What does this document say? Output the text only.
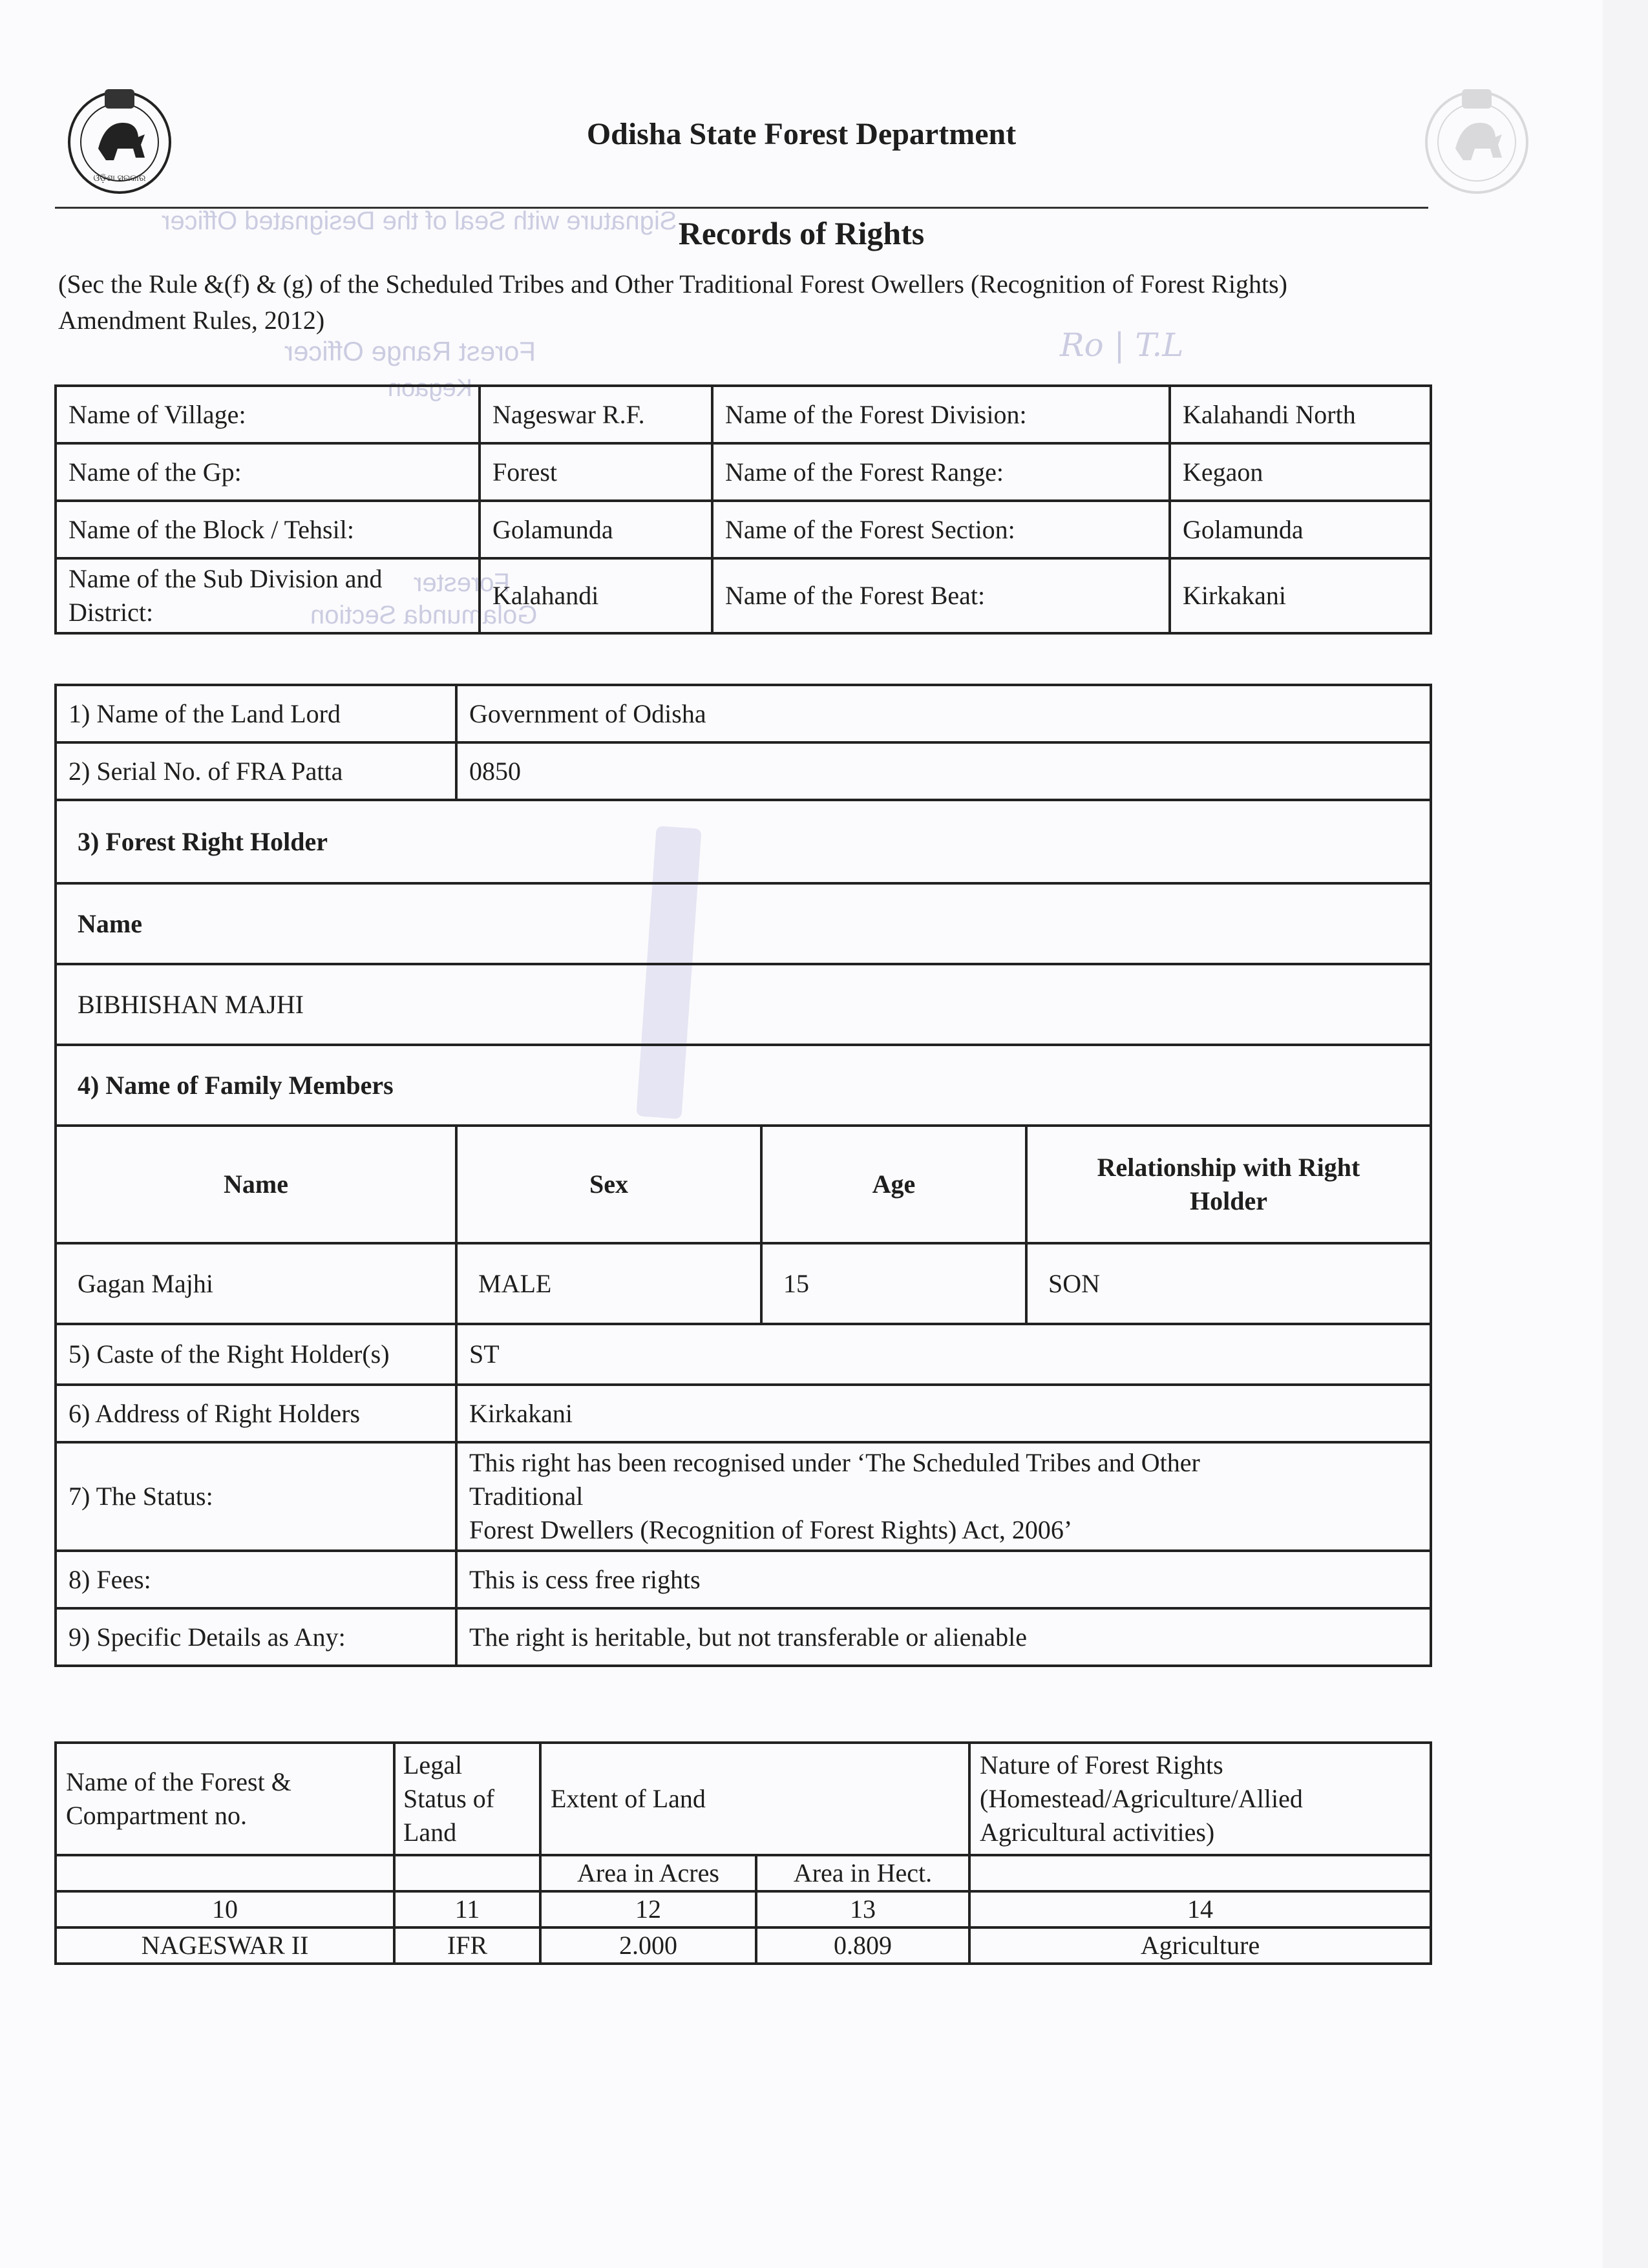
ଓଡ଼ିଶା ସରକାର
Signature with Seal of the Designated Officer
Forest Range Officer
Kegaon
Forester
Golamunda Section
Ro | T.L
Odisha State Forest Department
Records of Rights
(Sec the Rule &(f) & (g) of the Scheduled Tribes and Other Traditional Forest Owellers (Recognition of Forest Rights) Amendment Rules, 2012)
Name of Village:	Nageswar R.F.	Name of the Forest Division:	Kalahandi North
Name of the Gp:	Forest	Name of the Forest Range:	Kegaon
Name of the Block / Tehsil:	Golamunda	Name of the Forest Section:	Golamunda
Name of the Sub Division and District:	Kalahandi	Name of the Forest Beat:	Kirkakani
1) Name of the Land Lord	Government of Odisha		
2) Serial No. of FRA Patta	0850		
3) Forest Right Holder			
Name			
BIBHISHAN MAJHI			
4) Name of Family Members			
Name	Sex	Age	Relationship with Right Holder
Gagan Majhi	MALE	15	SON
5) Caste of the Right Holder(s)	ST		
6) Address of Right Holders	Kirkakani		
7) The Status:	This right has been recognised under ‘The Scheduled Tribes and Other
Traditional
Forest Dwellers (Recognition of Forest Rights) Act, 2006’		

8) Fees:	This is cess free rights		
9) Specific Details as Any:	The right is heritable, but not transferable or alienable		
Name of the Forest & Compartment no.	Legal Status of Land	Extent of Land		Nature of Forest Rights (Homestead/Agriculture/Allied Agricultural activities)
		Area in Acres	Area in Hect.	
10	11	12	13	14
NAGESWAR II	IFR	2.000	0.809	Agriculture
